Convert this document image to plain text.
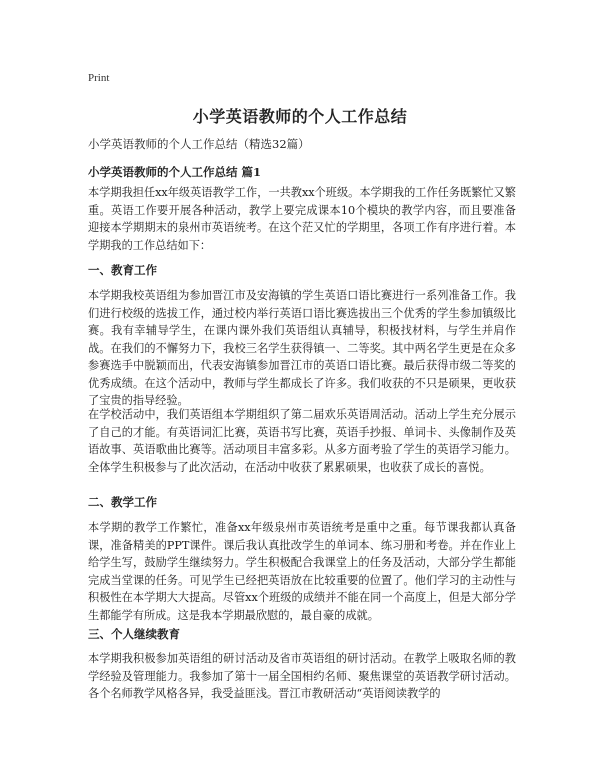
Print
小学英语教师的个人工作总结
小学英语教师的个人工作总结（精选32篇）
小学英语教师的个人工作总结 篇1
本学期我担任xx年级英语教学工作，一共教xx个班级。本学期我的工作任务既繁忙又繁重。英语工作要开展各种活动，教学上要完成课本10个模块的教学内容，而且要准备迎接本学期期末的泉州市英语统考。在这个茫又忙的学期里，各项工作有序进行着。本学期我的工作总结如下：
一、教育工作
本学期我校英语组为参加晋江市及安海镇的学生英语口语比赛进行一系列准备工作。我们进行校级的选拔工作，通过校内举行英语口语比赛选拔出三个优秀的学生参加镇级比赛。我有幸辅导学生，在课内课外我们英语组认真辅导，积极找材料，与学生并肩作战。在我们的不懈努力下，我校三名学生获得镇一、二等奖。其中两名学生更是在众多参赛选手中脱颖而出，代表安海镇参加晋江市的英语口语比赛。最后获得市级二等奖的优秀成绩。在这个活动中，教师与学生都成长了许多。我们收获的不只是硕果，更收获了宝贵的指导经验。
在学校活动中，我们英语组本学期组织了第二届欢乐英语周活动。活动上学生充分展示了自己的才能。有英语词汇比赛，英语书写比赛，英语手抄报、单词卡、头像制作及英语故事、英语歌曲比赛等。活动项目丰富多彩。从多方面考验了学生的英语学习能力。全体学生积极参与了此次活动，在活动中收获了累累硕果，也收获了成长的喜悦。
二、教学工作
本学期的教学工作繁忙，准备xx年级泉州市英语统考是重中之重。每节课我都认真备课，准备精美的PPT课件。课后我认真批改学生的单词本、练习册和考卷。并在作业上给学生写，鼓励学生继续努力。学生积极配合我课堂上的任务及活动，大部分学生都能完成当堂课的任务。可见学生已经把英语放在比较重要的位置了。他们学习的主动性与积极性在本学期大大提高。尽管xx个班级的成绩并不能在同一个高度上，但是大部分学生都能学有所成。这是我本学期最欣慰的，最自豪的成就。
三、个人继续教育
本学期我积极参加英语组的研讨活动及省市英语组的研讨活动。在教学上吸取名师的教学经验及管理能力。我参加了第十一届全国相约名师、聚焦课堂的英语教学研讨活动。各个名师教学风格各异，我受益匪浅。晋江市教研活动“英语阅读教学的
